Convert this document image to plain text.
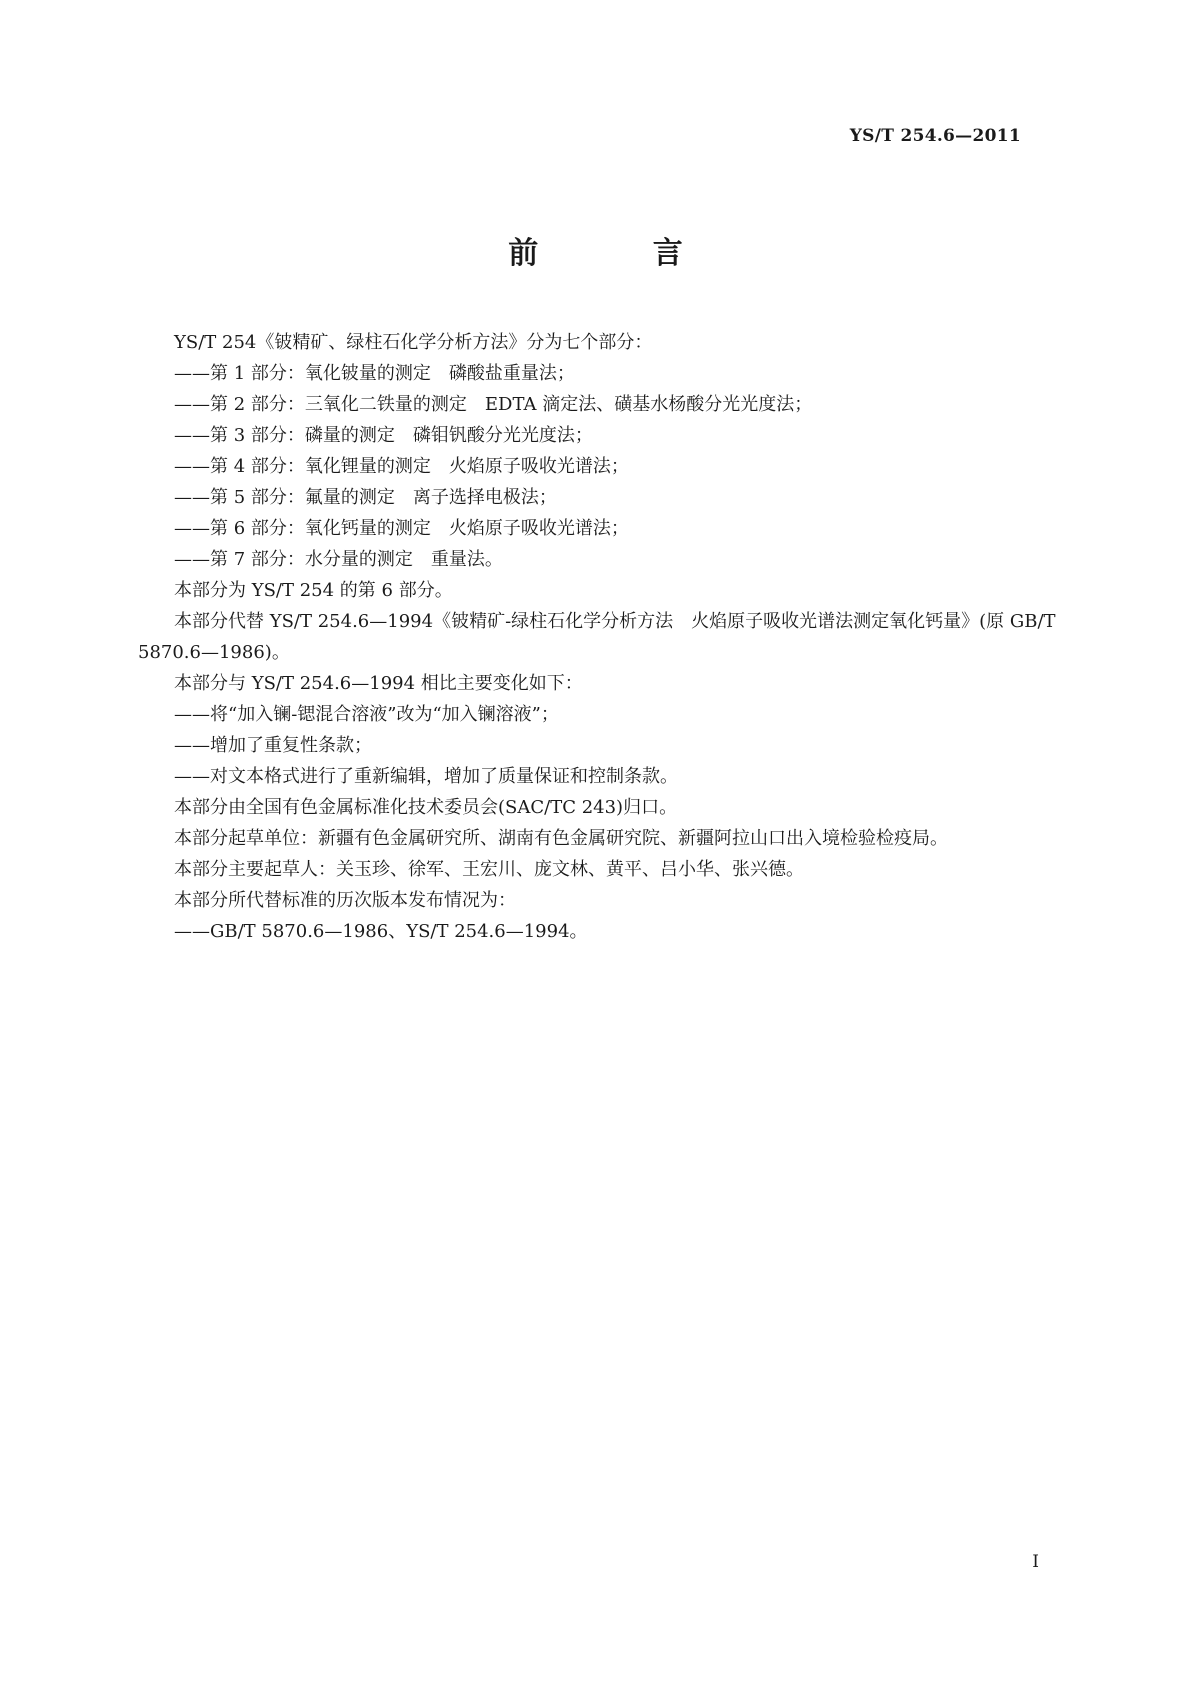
YS/T 254.6—2011
前 言

YS/T 254《铍精矿、绿柱石化学分析方法》分为七个部分：

——第 1 部分：氧化铍量的测定　磷酸盐重量法；

——第 2 部分：三氧化二铁量的测定　EDTA 滴定法、磺基水杨酸分光光度法；

——第 3 部分：磷量的测定　磷钼钒酸分光光度法；

——第 4 部分：氧化锂量的测定　火焰原子吸收光谱法；

——第 5 部分：氟量的测定　离子选择电极法；

——第 6 部分：氧化钙量的测定　火焰原子吸收光谱法；

——第 7 部分：水分量的测定　重量法。

本部分为 YS/T 254 的第 6 部分。

本部分代替 YS/T 254.6—1994《铍精矿-绿柱石化学分析方法　火焰原子吸收光谱法测定氧化钙量》(原 GB/T 5870.6—1986)。

本部分与 YS/T 254.6—1994 相比主要变化如下：

——将“加入镧-锶混合溶液”改为“加入镧溶液”；

——增加了重复性条款；

——对文本格式进行了重新编辑，增加了质量保证和控制条款。

本部分由全国有色金属标准化技术委员会(SAC/TC 243)归口。

本部分起草单位：新疆有色金属研究所、湖南有色金属研究院、新疆阿拉山口出入境检验检疫局。

本部分主要起草人：关玉珍、徐军、王宏川、庞文林、黄平、吕小华、张兴德。

本部分所代替标准的历次版本发布情况为：

——GB/T 5870.6—1986、YS/T 254.6—1994。

I
